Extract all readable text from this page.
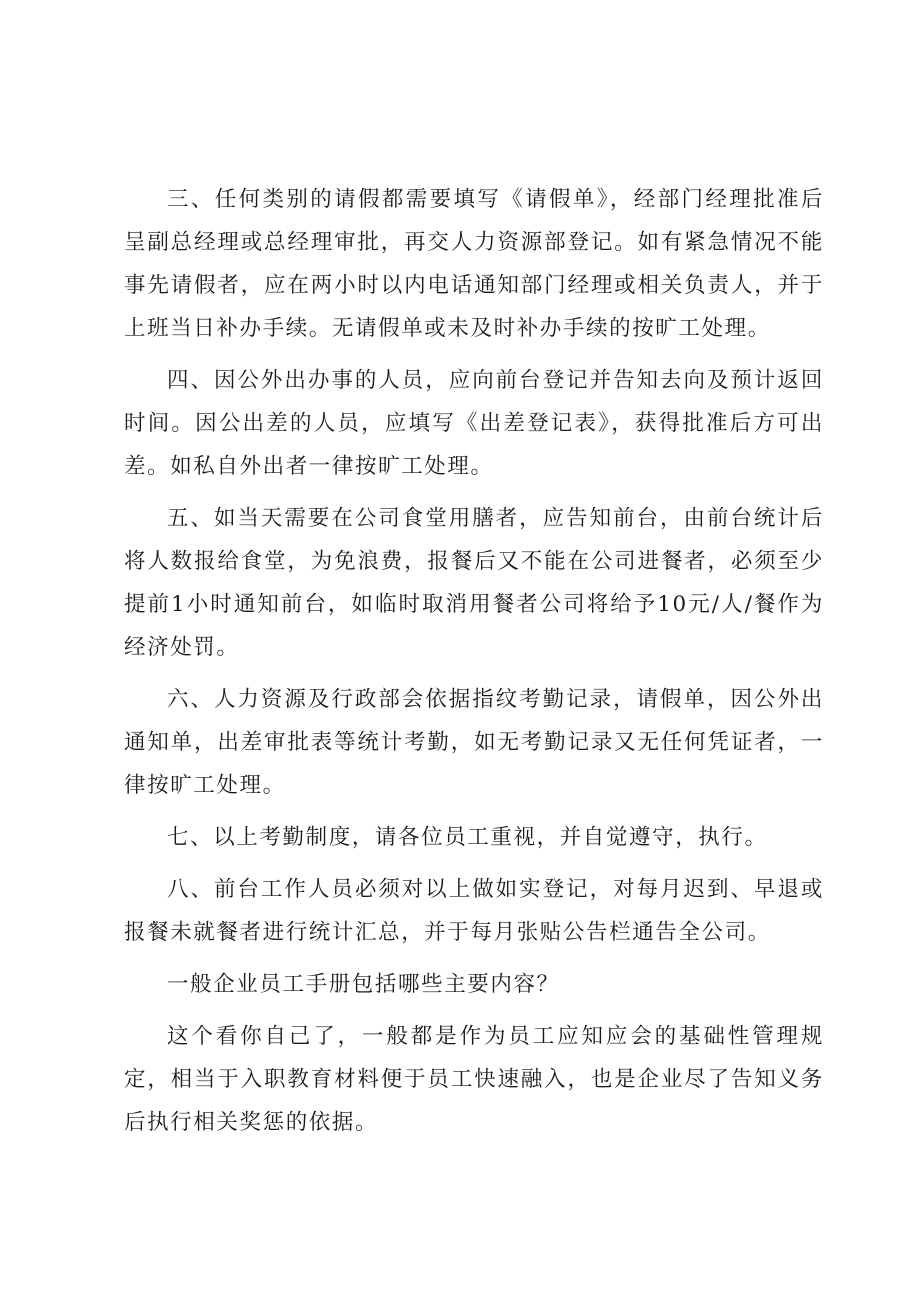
三、任何类别的请假都需要填写《请假单》，经部门经理批准后呈副总经理或总经理审批，再交人力资源部登记。如有紧急情况不能事先请假者，应在两小时以内电话通知部门经理或相关负责人，并于上班当日补办手续。无请假单或未及时补办手续的按旷工处理。

四、因公外出办事的人员，应向前台登记并告知去向及预计返回时间。因公出差的人员，应填写《出差登记表》，获得批准后方可出差。如私自外出者一律按旷工处理。

五、如当天需要在公司食堂用膳者，应告知前台，由前台统计后将人数报给食堂，为免浪费，报餐后又不能在公司进餐者，必须至少提前1小时通知前台，如临时取消用餐者公司将给予10元/人/餐作为经济处罚。

六、人力资源及行政部会依据指纹考勤记录，请假单，因公外出通知单，出差审批表等统计考勤，如无考勤记录又无任何凭证者，一律按旷工处理。

七、以上考勤制度，请各位员工重视，并自觉遵守，执行。

八、前台工作人员必须对以上做如实登记，对每月迟到、早退或报餐未就餐者进行统计汇总，并于每月张贴公告栏通告全公司。

一般企业员工手册包括哪些主要内容？

这个看你自己了，一般都是作为员工应知应会的基础性管理规定，相当于入职教育材料便于员工快速融入，也是企业尽了告知义务后执行相关奖惩的依据。
